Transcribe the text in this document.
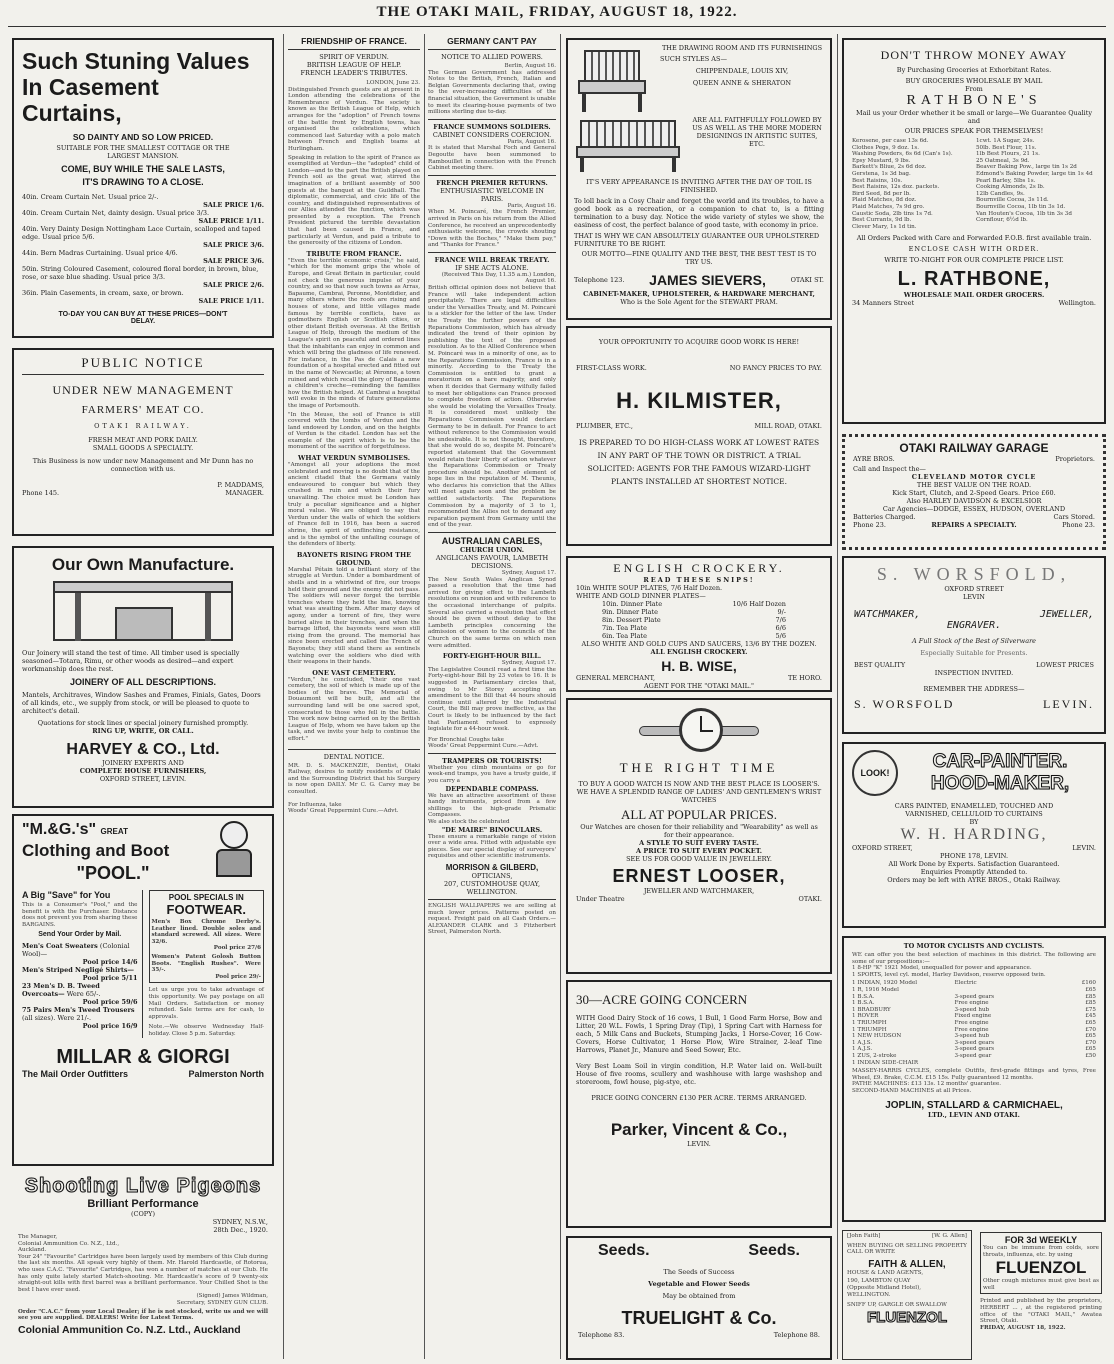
THE OTAKI MAIL, FRIDAY, AUGUST 18, 1922.
Such Stuning Values
In Casement Curtains,
SO DAINTY AND SO LOW PRICED.
SUITABLE FOR THE SMALLEST COTTAGE OR THE LARGEST MANSION.
COME, BUY WHILE THE SALE LASTS,
IT'S DRAWING TO A CLOSE.
40in. Cream Curtain Net. Usual price 2/-.
SALE PRICE 1/6.
40in. Cream Curtain Net, dainty design. Usual price 3/3.
SALE PRICE 1/11.
40in. Very Dainty Design Nottingham Lace Curtain, scalloped and taped edge. Usual price 5/6.
SALE PRICE 3/6.
44in. Bern Madras Curtaining. Usual price 4/6.
SALE PRICE 3/6.
50in. String Coloured Casement, coloured floral border, in brown, blue, rose, or saxe blue shading. Usual price 3/3.
SALE PRICE 2/6.
36in. Plain Casements, in cream, saxe, or brown.
SALE PRICE 1/11.
TO-DAY YOU CAN BUY AT THESE PRICES—DON'T DELAY.
PUBLIC NOTICE
UNDER NEW MANAGEMENT
FARMERS' MEAT CO.
OTAKI RAILWAY.
FRESH MEAT AND PORK DAILY.
SMALL GOODS A SPECIALTY.
This Business is now under new Management and Mr Dunn has no connection with us.
P. MADDAMS,
Phone 145.	MANAGER.
Our Own Manufacture.
Our Joinery will stand the test of time. All timber used is specially seasoned—Totara, Rimu, or other woods as desired—and expert workmanship does the rest.
JOINERY OF ALL DESCRIPTIONS.
Mantels, Architraves, Window Sashes and Frames, Finials, Gates, Doors of all kinds, etc., we supply from stock, or will be pleased to quote to architect's detail.
Quotations for stock lines or special joinery furnished promptly.
RING UP, WRITE, OR CALL.
HARVEY & CO., Ltd.
JOINERY EXPERTS AND
COMPLETE HOUSE FURNISHERS,
OXFORD STREET, LEVIN.
"M.&G.'s" GREAT
Clothing and Boot
"POOL."
A Big "Save" for You
This is a Consumer's "Pool," and the benefit is with the Purchaser. Distance does not prevent you from sharing these BARGAINS.
Send Your Order by Mail.
Men's Coat Sweaters (Colonial Wool)—
Pool price 14/6
Men's Striped Negligé Shirts—
Pool price 5/11
23 Men's D. B. Tweed Overcoats— Were 65/-.
Pool price 59/6
75 Pairs Men's Tweed Trousers (all sizes). Were 21/-.
Pool price 16/9
POOL SPECIALS IN
FOOTWEAR.
Men's Box Chrome Derby's. Leather lined. Double soles and standard screwed. All sizes. Were 32/6.
Pool price 27/6
Women's Patent Golosh Button Boots. "English Rushes". Were 35/-.
Pool price 29/-
Let us urge you to take advantage of this opportunity. We pay postage on all Mail Orders. Satisfaction or money refunded. Sale terms are for cash, to approvals.
Note.—We observe Wednesday Half-holiday. Close 5 p.m. Saturday.
MILLAR & GIORGI
The Mail Order Outfitters	Palmerston North
Shooting Live Pigeons
Brilliant Performance
(COPY)
SYDNEY, N.S.W.,
28th Dec., 1920.
The Manager,
Colonial Ammunition Co. N.Z., Ltd.,
Auckland.
Your 24" "Favourite" Cartridges have been largely used by members of this Club during the last six months. All speak very highly of them. Mr. Harold Hardcastle, of Rotorua, who uses C.A.C. "Favourite" Cartridges, has won a number of matches at our Club. He has only quite lately started Match-shooting. Mr. Hardcastle's score of 9 twenty-six straight-out kills with first barrel was a brilliant performance. Your Chilled Shot is the best I have ever used.
(Signed) James Wildman,
Secretary, SYDNEY GUN CLUB.
Order "C.A.C." from your Local Dealer; if he is not stocked, write us and we will see you are supplied. DEALERS! Write for Latest Terms.
Colonial Ammunition Co. N.Z. Ltd., Auckland
FRIENDSHIP OF FRANCE.
SPIRIT OF VERDUN.
BRITISH LEAGUE OF HELP.
FRENCH LEADER'S TRIBUTES.
LONDON, June 23.
Distinguished French guests are at present in London attending the celebrations of the Remembrance of Verdun. The society is known as the British League of Help, which arranges for the "adoption" of French towns of the battle front by English towns, has organised the celebrations, which commenced last Saturday with a polo match between French and English teams at Hurlingham.
Speaking in relation to the spirit of France as exemplified at Verdun—the "adopted" child of London—and to the part the British played on French soil as the great war, stirred the imagination of a brilliant assembly of 500 guests at the banquet at the Guildhall. The diplomatic, commercial, and civic life of the country, and distinguished representatives of our Allies attended the function, which was presented by a reception. The French President pictured the terrible devastation that had been caused in France, and particularly at Verdun, and paid a tribute to the generosity of the citizens of London.
TRIBUTE FROM FRANCE.
"Even the terrible economic crisis," he said, "which for the moment grips the whole of Europe, and Great Britain in particular, could not check the generous impulse of your country, and so that now such towns as Arras, Bapaume, Cambrai, Peronne, Montdidier, and many others where the roofs are rising and houses of stone, and little villages made famous by terrible conflicts, have as godmothers English or Scottish cities, or other distant British overseas. At the British League of Help, through the medium of the League's spirit on peaceful and ordered lines that the inhabitants can enjoy in common and which will bring the gladness of life renewed. For instance, in the Pas de Calais a new foundation of a hospital erected and fitted out in the name of Newcastle; at Péronne, a town ruined and which recall the glory of Bapaume a children's creche—reminding the families how the British helped. At Cambrai a hospital will evoke in the minds of future generations the image of Portsmouth.
"In the Meuse, the soil of France is still covered with the tombs of Verdun and the land endowed by London, and on the heights of Verdun is the citadel. London has set the example of the spirit which is to be the monument of the sacrifice of forgetfulness.
WHAT VERDUN SYMBOLISES.
"Amongst all your adoptions the most celebrated and moving is no doubt that of the ancient citadel that the Germans vainly endeavoured to conquer but which they crushed in ruin and which their fury unavailing. The choice must be London has truly a peculiar significance and a higher moral value. We are obliged to say that Verdun under the walls of which the soldiers of France fell in 1916, has been a sacred shrine, the spirit of unflinching resistance, and is the symbol of the unfailing courage of the defenders of liberty.
BAYONETS RISING FROM THE GROUND.
Marshal Pétain told a brilliant story of the struggle at Verdun. Under a bombardment of shells and in a whirlwind of fire, our troops held their ground and the enemy did not pass. The soldiers will never forget the terrible trenches where they held the line, knowing what was awaiting them. After many days of agony, under a torrent of fire, they were buried alive in their trenches, and when the barrage lifted, the bayonets were seen still rising from the ground. The memorial has since been erected and called the Trench of Bayonets; they still stand there as sentinels watching over the soldiers who died with their weapons in their hands.
ONE VAST CEMETERY.
"Verdun," he concluded, "their one vast cemetery, the soil of which is made up of the bodies of the brave. The Memorial of Douaumont will be built, and all the surrounding land will be one sacred spot, consecrated to those who fell in the battle. The work now being carried on by the British League of Help, whom we have taken up the task, and we invite your help to continue the effort."
DENTAL NOTICE.
MR. D. S. MACKENZIE, Dentist, Otaki Railway, desires to notify residents of Otaki and the Surrounding District that his Surgery is now open DAILY. Mr C. G. Carey may be consulted.
For Influenza, take
Woods' Great Peppermint Cure.—Advt.
GERMANY CAN'T PAY
NOTICE TO ALLIED POWERS.
Berlin, August 16.
The German Government has addressed Notes to the British, French, Italian and Belgian Governments declaring that, owing to the ever-increasing difficulties of the financial situation, the Government is unable to meet its clearing-house payments of two millions sterling due to-day.
FRANCE SUMMONS SOLDIERS.
CABINET CONSIDERS COERCION.
Paris, August 16.
It is stated that Marshal Foch and General Degoutte have been summoned to Rambouillet in connection with the French Cabinet meeting there.
FRENCH PREMIER RETURNS.
ENTHUSIASTIC WELCOME IN PARIS.
Paris, August 16.
When M. Poincaré, the French Premier, arrived in Paris on his return from the Allied Conference, he received an unprecedentedly enthusiastic welcome, the crowds shouting "Down with the Boches," "Make them pay," and "Thanks for France."
FRANCE WILL BREAK TREATY.
IF SHE ACTS ALONE.
(Received This Day, 11.35 a.m.) London, August 16.
British official opinion does not believe that France will take independent action precipitately. There are legal difficulties under the Versailles Treaty, and M. Poincaré is a stickler for the letter of the law. Under the Treaty the further powers of the Reparations Commission, which has already indicated the trend of their opinion by publishing the text of the proposed resolution. As to the Allied Conference when M. Poincaré was in a minority of one, as to the Reparations Commission, France is in a minority. According to the Treaty the Commission is entitled to grant a moratorium on a bare majority, and only when it decides that Germany wilfully failed to meet her obligations can France proceed to complete freedom of action. Otherwise she would be violating the Versailles Treaty. It is considered most unlikely the Reparations Commission would declare Germany to be in default. For France to act without reference to the Commission would be undesirable. It is not thought, therefore, that she would do so, despite M. Poincaré's reported statement that the Government would retain their liberty of action whatever the Reparations Commission or Treaty procedure should be. Another element of hope lies in the reputation of M. Theunis, who declares his conviction that the Allies will meet again soon and the problem be settled satisfactorily. The Reparations Commission by a majority of 3 to 1, recommended the Allies not to demand any reparation payment from Germany until the end of the year.
AUSTRALIAN CABLES,
CHURCH UNION.
ANGLICANS FAVOUR, LAMBETH DECISIONS.
Sydney, August 17.
The New South Wales Anglican Synod passed a resolution that the time had arrived for giving effect to the Lambeth resolutions on reunion and with reference to the occasional interchange of pulpits. Several also carried a resolution that effect should be given without delay to the Lambeth principles concerning the admission of women to the councils of the Church on the same terms on which men were admitted.
FORTY-EIGHT-HOUR BILL.
Sydney, August 17.
The Legislative Council read a first time the Forty-eight-hour Bill by 23 votes to 16. It is suggested in Parliamentary circles that, owing to Mr Storey accepting an amendment to the Bill that 44 hours should continue until altered by the Industrial Court, the Bill may prove ineffective, as the Court is likely to be influenced by the fact that Parliament refused to expressly legislate for a 44-hour week.
For Bronchial Coughs take
Woods' Great Peppermint Cure.—Advt.
TRAMPERS OR TOURISTS!
Whether you climb mountains or go for week-end tramps, you have a trusty guide, if you carry a
DEPENDABLE COMPASS.
We have an attractive assortment of these handy instruments, priced from a few shillings to the high-grade Prismatic Compasses.
We also stock the celebrated
"DE MAIRE" BINOCULARS.
These ensure a remarkable range of vision over a wide area. Fitted with adjustable eye pieces. See our special display of surveyors' requisites and other scientific instruments.
MORRISON & GILBERD,
OPTICIANS,
207, CUSTOMHOUSE QUAY,
WELLINGTON.
ENGLISH WALLPAPERS we are selling at much lower prices. Patterns posted on request. Freight paid on all Cash Orders.—ALEXANDER CLARK and 3 Fitzherbert Street, Palmerston North.
THE DRAWING ROOM AND ITS FURNISHINGS
SUCH STYLES AS—
CHIPPENDALE, LOUIS XIV,
QUEEN ANNE & SHERATON
ARE ALL FAITHFULLY FOLLOWED BY US AS WELL AS THE MORE MODERN DESIGNINGS IN ARTISTIC SUITES, ETC.
IT'S VERY APPEARANCE IS INVITING AFTER THE DAY OF TOIL IS FINISHED.
To loll back in a Cosy Chair and forget the world and its troubles, to have a good book as a recreation, or a companion to chat to, is a fitting termination to a busy day. Notice the wide variety of styles we show, the easiness of cost, the perfect balance of good taste, with economy in price.
THAT IS WHY WE CAN ABSOLUTELY GUARANTEE OUR UPHOLSTERED FURNITURE TO BE RIGHT.
OUR MOTTO—FINE QUALITY AND THE BEST, THE BEST TEST IS TO TRY US.
Telephone 123. JAMES SIEVERS,	OTAKI ST.
CABINET-MAKER, UPHOLSTERER, & HARDWARE MERCHANT,
Who is the Sole Agent for the STEWART PRAM.
YOUR OPPORTUNITY TO ACQUIRE GOOD WORK IS HERE!
FIRST-CLASS WORK.	NO FANCY PRICES TO PAY.
H. KILMISTER,
PLUMBER, ETC.,	MILL ROAD, OTAKI.
IS PREPARED TO DO HIGH-CLASS WORK AT LOWEST RATES IN ANY PART OF THE TOWN OR DISTRICT. A TRIAL SOLICITED: AGENTS FOR THE FAMOUS WIZARD-LIGHT PLANTS INSTALLED AT SHORTEST NOTICE.
ENGLISH CROCKERY.
READ THESE SNIPS!
10in WHITE SOUP PLATES, 7/6 Half Dozen.
WHITE AND GOLD DINNER PLATES—
10in. Dinner Plate	10/6 Half Dozen
9in. Dinner Plate	9/-
8in. Dessert Plate	7/6
7in. Tea Plate	6/6
6in. Tea Plate	5/6
ALSO WHITE AND GOLD CUPS AND SAUCERS, 13/6 BY THE DOZEN.
ALL ENGLISH CROCKERY.
H. B. WISE,
GENERAL MERCHANT,	TE HORO.
AGENT FOR THE "OTAKI MAIL."
THE RIGHT TIME
TO BUY A GOOD WATCH IS NOW AND THE BEST PLACE IS LOOSER'S.
WE HAVE A SPLENDID RANGE OF LADIES' AND GENTLEMEN'S WRIST WATCHES
ALL AT POPULAR PRICES.
Our Watches are chosen for their reliability and "Wearability" as well as for their appearance.
A STYLE TO SUIT EVERY TASTE.
A PRICE TO SUIT EVERY POCKET.
SEE US FOR GOOD VALUE IN JEWELLERY.
ERNEST LOOSER,
JEWELLER AND WATCHMAKER,
Under Theatre	OTAKI.
30—ACRE GOING CONCERN
WITH Good Dairy Stock of 16 cows, 1 Bull, 1 Good Farm Horse, Bow and Litter, 20 W.L. Fowls, 1 Spring Dray (Tip), 1 Spring Cart with Harness for each, 5 Milk Cans and Buckets, Stumping Jacks, 1 Horse-Cover, 16 Cow-Covers, Horse Cultivator, 1 Horse Plow, Wire Strainer, 2-leaf Tine Harrows, Planet Jr., Manure and Seed Sower, Etc.
Very Best Loam Soil in virgin condition, H.P. Water laid on. Well-built House of five rooms, scullery and washhouse with large washshop and storeroom, fowl house, pig-stye, etc.
PRICE GOING CONCERN £130 PER ACRE. TERMS ARRANGED.
Parker, Vincent & Co.,
LEVIN.
Seeds.	Seeds.
The Seeds of Success
Vegetable and Flower Seeds
May be obtained from
TRUELIGHT & Co.
Telephone 83.	Telephone 88.
DON'T THROW MONEY AWAY
By Purchasing Groceries at Exhorbitant Rates.
BUY GROCERIES WHOLESALE BY MAIL
From
RATHBONE'S
Mail us your Order whether it be small or large—We Guarantee Quality and
OUR PRICES SPEAK FOR THEMSELVES!
Kerosene, per case 13s 6d.
Clothes Pegs, 9 doz. 1s.
Washing Powders, 6s 6d (Can's 1s).
Epsy Mustard, 9 lbs.
Barkett's Bliue, 2s 6d doz.
Gerstena, 1s 3d bag.
Best Raisins, 10s.
Best Raisins, 12s doz. packets.
Bird Seed, 8d per lb.
Plaid Matches, 8d doz.
Plaid Matches, 7s 9d gro.
Caustic Soda, 2lb tins 1s 7d.
Best Currants, 9d lb.
Clever Mary, 1s 1d tin.
1cwt. 1A Sugar, 24s.
50lb. Best Flour, 11s.
1lb Best Flours, 21 1s.
25 Oatmeal, 3s 9d.
Beaver Baking Pow., large tin 1s 2d
Edmond's Baking Powder, large tin 1s 4d
Pearl Barley, 5lbs 1s.
Cooking Almonds, 2s lb.
12lb Candles, 9s.
Bournville Cocoa, 3s 11d.
Bournville Cocoa, 1lb tin 3s 1d.
Van Houten's Cocoa, 1lb tin 3s 3d
Cornflour, 6½d lb.
All Orders Packed with Care and Forwarded F.O.B. first available train.
ENCLOSE CASH WITH ORDER.
WRITE TO-NIGHT FOR OUR COMPLETE PRICE LIST.
L. RATHBONE,
WHOLESALE MAIL ORDER GROCERS.
34 Manners Street	Wellington.
OTAKI RAILWAY GARAGE
AYRE BROS.	Proprietors.
Call and Inspect the—
CLEVELAND MOTOR CYCLE
THE BEST VALUE ON THE ROAD.
Kick Start, Clutch, and 2-Speed Gears. Price £60.
Also HARLEY DAVIDSON & EXCELSIOR
Car Agencies—DODGE, ESSEX, HUDSON, OVERLAND
Batteries Charged.	Cars Stored.
Phone 23.	REPAIRS A SPECIALTY.	Phone 23.
S. WORSFOLD,
OXFORD STREET
LEVIN
WATCHMAKER,	JEWELLER,
ENGRAVER.
A Full Stock of the Best of Silverware
Especially Suitable for Presents.
BEST QUALITY	LOWEST PRICES
INSPECTION INVITED.
REMEMBER THE ADDRESS—
S. WORSFOLD	LEVIN.
LOOK!
CAR-PAINTER.
HOOD-MAKER,
CARS PAINTED, ENAMELLED, TOUCHED AND VARNISHED, CELLULOID TO CURTAINS
BY
W. H. HARDING,
OXFORD STREET,	LEVIN.
PHONE 178, LEVIN.
All Work Done by Experts. Satisfaction Guaranteed.
Enquiries Promptly Attended to.
Orders may be left with AYRE BROS., Otaki Railway.
TO MOTOR CYCLISTS AND CYCLISTS.
WE can offer you the best selection of machines in this district. The following are some of our propositions:—
1 8-HP "K" 1921 Model, unequalled for power and appearance.
1 SPORTS, level cyl. model, Harley Davidson, reserve opposed twin.
1 INDIAN, 1920 Model	Electric	£160
1 R, 1916 Model	£65
1 B.S.A.	3-speed gears	£85
1 B.S.A.	Free engine	£85
1 BRADBURY	3-speed hub	£75
1 ROVER	Fixed engine	£45
1 TRIUMPH	Free engine	£65
1 TRIUMPH	Free engine	£70
1 NEW HUDSON	3-speed hub	£65
1 A.J.S.	3-speed gears	£70
1 A.J.S.	3-speed gears	£65
1 ZUS, 2-stroke	3-speed gear	£50
1 INDIAN SIDE-CHAIR
MASSEY-HARRIS CYCLES, complete Outfits, first-grade fittings and tyres, Free Wheel, £9. Brake, C.C.M. £15 15s. Fully guaranteed 12 months.
PATHE MACHINES: £13 13s. 12 months' guarantee.
SECOND-HAND MACHINES at all Prices.
JOPLIN, STALLARD & CARMICHAEL,
LTD., LEVIN AND OTAKI.
[John Faith]	[W. G. Allen]
WHEN BUYING OR SELLING PROPERTY CALL OR WRITE
FAITH & ALLEN,
HOUSE & LAND AGENTS,
190, LAMBTON QUAY
(Opposite Midland Hotel),
WELLINGTON.
SNIFF UP, GARGLE OR SWALLOW
FLUENZOL
FOR 3d WEEKLY
You can be immune from colds, sore throats, influenza, etc. by using
FLUENZOL
Other cough mixtures must give best as well
Printed and published by the proprietors, HERBERT ... , at the registered printing office of the "OTAKI MAIL," Awatea Street, Otaki.
FRIDAY, AUGUST 18, 1922.
